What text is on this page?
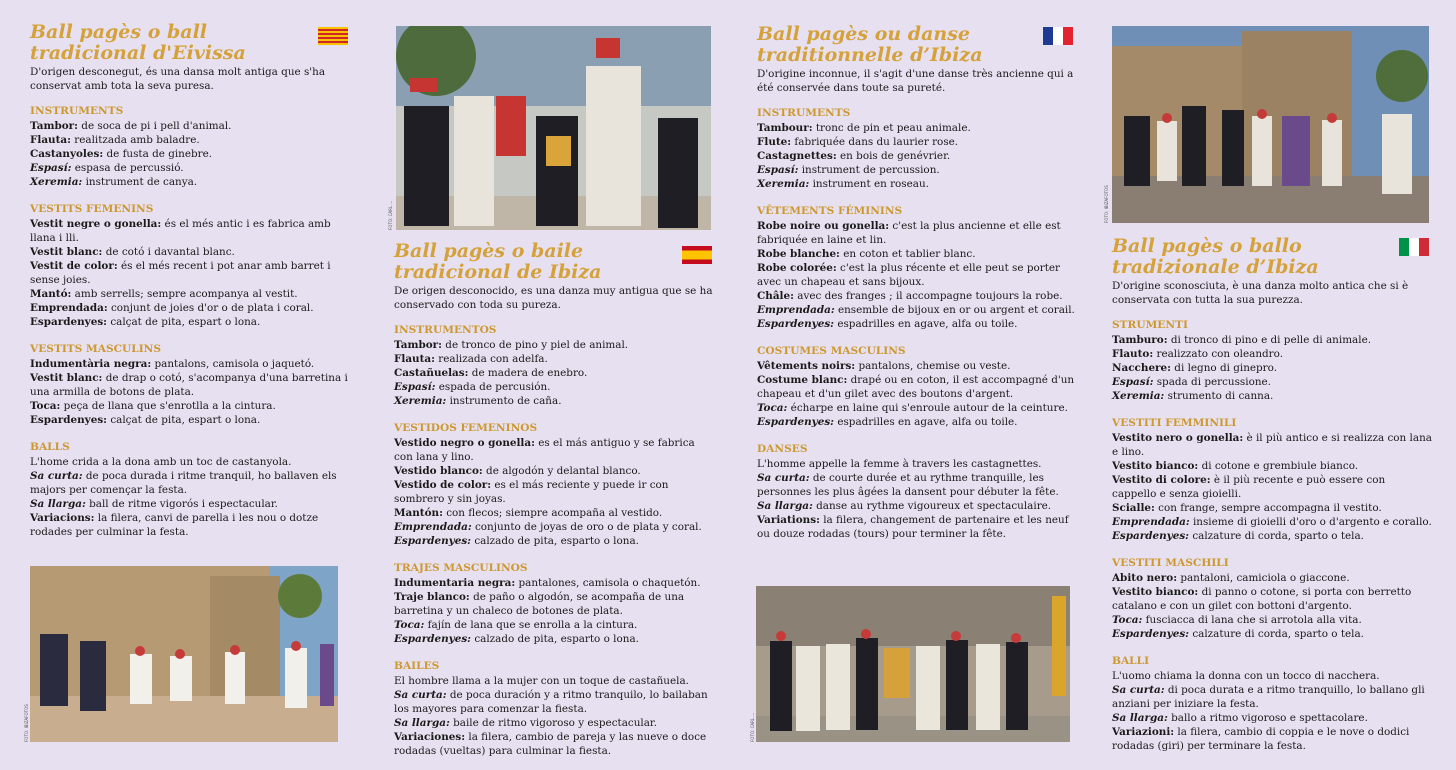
Ball pagès o ball
tradicional d'Eivissa

D'origen desconegut, és una dansa molt antiga que s'ha conservat amb tota la seva puresa.

INSTRUMENTS

Tambor: de soca de pi i pell d'animal.

Flauta: realitzada amb baladre.

Castanyoles: de fusta de ginebre.

Espasí: espasa de percussió.

Xeremia: instrument de canya.

VESTITS FEMENINS

Vestit negre o gonella: és el més antic i es fabrica amb llana i lli.

Vestit blanc: de cotó i davantal blanc.

Vestit de color: és el més recent i pot anar amb barret i sense joies.

Mantó: amb serrells; sempre acompanya al vestit.

Emprendada: conjunt de joies d'or o de plata i coral.

Espardenyes: calçat de pita, espart o lona.

VESTITS MASCULINS

Indumentària negra: pantalons, camisola o jaquetó.

Vestit blanc: de drap o cotó, s'acompanya d'una barretina i una armilla de botons de plata.

Toca: peça de llana que s'enrotlla a la cintura.

Espardenyes: calçat de pita, espart o lona.

BALLS

L'home crida a la dona amb un toc de castanyola.

Sa curta: de poca durada i ritme tranquil, ho ballaven els majors per començar la festa.

Sa llarga: ball de ritme vigorós i espectacular.

Variacions: la filera, canvi de parella i les nou o dotze rodades per culminar la festa.

FOTO: IBIZAFOTOS
FOTO: CARL ...
Ball pagès o baile
tradicional de Ibiza

De origen desconocido, es una danza muy antigua que se ha conservado con toda su pureza.

INSTRUMENTOS

Tambor: de tronco de pino y piel de animal.

Flauta: realizada con adelfa.

Castañuelas: de madera de enebro.

Espasí: espada de percusión.

Xeremia: instrumento de caña.

VESTIDOS FEMENINOS

Vestido negro o gonella: es el más antiguo y se fabrica con lana y lino.

Vestido blanco: de algodón y delantal blanco.

Vestido de color: es el más reciente y puede ir con sombrero y sin joyas.

Mantón: con flecos; siempre acompaña al vestido.

Emprendada: conjunto de joyas de oro o de plata y coral.

Espardenyes: calzado de pita, esparto o lona.

TRAJES MASCULINOS

Indumentaria negra: pantalones, camisola o chaquetón.

Traje blanco: de paño o algodón, se acompaña de una barretina y un chaleco de botones de plata.

Toca: fajín de lana que se enrolla a la cintura.

Espardenyes: calzado de pita, esparto o lona.

BAILES

El hombre llama a la mujer con un toque de castañuela.

Sa curta: de poca duración y a ritmo tranquilo, lo bailaban los mayores para comenzar la fiesta.

Sa llarga: baile de ritmo vigoroso y espectacular.

Variaciones: la filera, cambio de pareja y las nueve o doce rodadas (vueltas) para culminar la fiesta.

Ball pagès ou danse
traditionnelle d’Ibiza

D'origine inconnue, il s'agit d'une danse très ancienne qui a été conservée dans toute sa pureté.

INSTRUMENTS

Tambour: tronc de pin et peau animale.

Flute: fabriquée dans du laurier rose.

Castagnettes: en bois de genévrier.

Espasí: instrument de percussion.

Xeremia: instrument en roseau.

VÊTEMENTS FÉMININS

Robe noire ou gonella: c'est la plus ancienne et elle est fabriquée en laine et lin.

Robe blanche: en coton et tablier blanc.

Robe colorée: c'est la plus récente et elle peut se porter avec un chapeau et sans bijoux.

Châle: avec des franges ; il accompagne toujours la robe.

Emprendada: ensemble de bijoux en or ou argent et corail.

Espardenyes: espadrilles en agave, alfa ou toile.

COSTUMES MASCULINS

Vêtements noirs: pantalons, chemise ou veste.

Costume blanc: drapé ou en coton, il est accompagné d'un chapeau et d'un gilet avec des boutons d'argent.

Toca: écharpe en laine qui s'enroule autour de la ceinture.

Espardenyes: espadrilles en agave, alfa ou toile.

DANSES

L'homme appelle la femme à travers les castagnettes.

Sa curta: de courte durée et au rythme tranquille, les personnes les plus âgées la dansent pour débuter la fête.

Sa llarga: danse au rythme vigoureux et spectaculaire.

Variations: la filera, changement de partenaire et les neuf ou douze rodadas (tours) pour terminer la fête.

FOTO: CARL ...
FOTO: IBIZAFOTOS
Ball pagès o ballo
tradizionale d’Ibiza

D'origine sconosciuta, è una danza molto antica che si è conservata con tutta la sua purezza.

STRUMENTI

Tamburo: di tronco di pino e di pelle di animale.

Flauto: realizzato con oleandro.

Nacchere: di legno di ginepro.

Espasí: spada di percussione.

Xeremia: strumento di canna.

VESTITI FEMMINILI

Vestito nero o gonella: è il più antico e si realizza con lana e lino.

Vestito bianco: di cotone e grembiule bianco.

Vestito di colore: è il più recente e può essere con cappello e senza gioielli.

Scialle: con frange, sempre accompagna il vestito.

Emprendada: insieme di gioielli d'oro o d'argento e corallo.

Espardenyes: calzature di corda, sparto o tela.

VESTITI MASCHILI

Abito nero: pantaloni, camiciola o giaccone.

Vestito bianco: di panno o cotone, si porta con berretto catalano e con un gilet con bottoni d'argento.

Toca: fusciacca di lana che si arrotola alla vita.

Espardenyes: calzature di corda, sparto o tela.

BALLI

L'uomo chiama la donna con un tocco di nacchera.

Sa curta: di poca durata e a ritmo tranquillo, lo ballano gli anziani per iniziare la festa.

Sa llarga: ballo a ritmo vigoroso e spettacolare.

Variazioni: la filera, cambio di coppia e le nove o dodici rodadas (giri) per terminare la festa.
